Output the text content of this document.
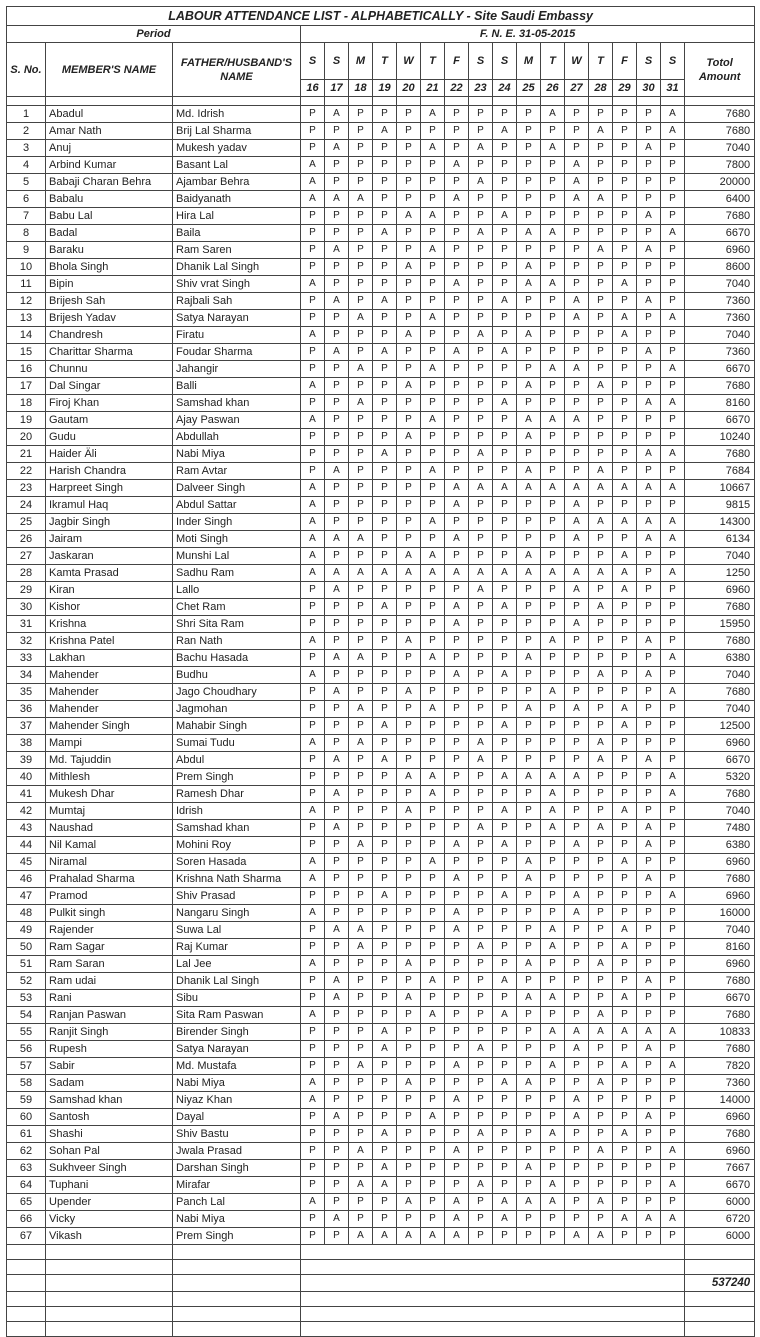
LABOUR ATTENDANCE LIST - ALPHABETICALLY - Site Saudi Embassy																			
Period			F. N. E. 31-05-2015																
S. No.	MEMBER'S NAME	FATHER/HUSBAND'S NAME	S	S	M	T	W	T	F	S	S	M	T	W	T	F	S	S	Totol Amount
			16	17	18	19	20	21	22	23	24	25	26	27	28	29	30	31	

1	Abadul	Md. Idrish	P	A	P	P	P	A	P	P	P	P	A	P	P	P	P	A	7680
2	Amar Nath	Brij Lal Sharma	P	P	P	A	P	P	P	P	A	P	P	P	A	P	P	A	7680
3	Anuj	Mukesh yadav	P	A	P	P	P	A	P	A	P	P	A	P	P	P	A	P	7040
4	Arbind Kumar	Basant Lal	A	P	P	P	P	P	A	P	P	P	P	A	P	P	P	P	7800
5	Babaji Charan Behra	Ajambar Behra	A	P	P	P	P	P	P	A	P	P	P	A	P	P	P	P	20000
6	Babalu	Baidyanath	A	A	A	P	P	P	A	P	P	P	P	A	A	P	P	P	6400
7	Babu Lal	Hira Lal	P	P	P	P	A	A	P	P	A	P	P	P	P	P	A	P	7680
8	Badal	Baila	P	P	P	A	P	P	P	A	P	A	A	P	P	P	P	A	6670
9	Baraku	Ram Saren	P	A	P	P	P	A	P	P	P	P	P	P	A	P	A	P	6960
10	Bhola Singh	Dhanik Lal Singh	P	P	P	P	A	P	P	P	P	A	P	P	P	P	P	P	8600
11	Bipin	Shiv vrat Singh	A	P	P	P	P	P	A	P	P	A	A	P	P	A	P	P	7040
12	Brijesh Sah	Rajbali Sah	P	A	P	A	P	P	P	P	A	P	P	A	P	P	A	P	7360
13	Brijesh Yadav	Satya Narayan	P	P	A	P	P	A	P	P	P	P	P	A	P	A	P	A	7360
14	Chandresh	Firatu	A	P	P	P	A	P	P	A	P	A	P	P	P	A	P	P	7040
15	Charittar Sharma	Foudar Sharma	P	A	P	A	P	P	A	P	A	P	P	P	P	P	A	P	7360
16	Chunnu	Jahangir	P	P	A	P	P	A	P	P	P	P	A	A	P	P	P	A	6670
17	Dal Singar	Balli	A	P	P	P	A	P	P	P	P	A	P	P	A	P	P	P	7680
18	Firoj Khan	Samshad khan	P	P	A	P	P	P	P	P	A	P	P	P	P	P	A	A	8160
19	Gautam	Ajay Paswan	A	P	P	P	P	A	P	P	P	A	A	A	P	P	P	P	6670
20	Gudu	Abdullah	P	P	P	P	A	P	P	P	P	A	P	P	P	P	P	P	10240
21	Haider Äli	Nabi Miya	P	P	P	A	P	P	P	A	P	P	P	P	P	P	A	A	7680
22	Harish Chandra	Ram Avtar	P	A	P	P	P	A	P	P	P	A	P	P	A	P	P	P	7684
23	Harpreet Singh	Dalveer Singh	A	P	P	P	P	P	A	A	A	A	A	A	A	A	A	A	10667
24	Ikramul Haq	Abdul Sattar	A	P	P	P	P	P	A	P	P	P	P	A	P	P	P	P	9815
25	Jagbir Singh	Inder Singh	A	P	P	P	P	A	P	P	P	P	P	A	A	A	A	A	14300
26	Jairam	Moti Singh	A	A	A	P	P	P	A	P	P	P	P	A	P	P	A	A	6134
27	Jaskaran	Munshi Lal	A	P	P	P	A	A	P	P	P	A	P	P	P	A	P	P	7040
28	Kamta Prasad	Sadhu Ram	A	A	A	A	A	A	A	A	A	A	A	A	A	A	P	A	1250
29	Kiran	Lallo	P	A	P	P	P	P	P	A	P	P	P	A	P	A	P	P	6960
30	Kishor	Chet Ram	P	P	P	A	P	P	A	P	A	P	P	P	A	P	P	P	7680
31	Krishna	Shri Sita Ram	P	P	P	P	P	P	A	P	P	P	P	A	P	P	P	P	15950
32	Krishna Patel	Ran Nath	A	P	P	P	A	P	P	P	P	P	A	P	P	P	A	P	7680
33	Lakhan	Bachu Hasada	P	A	A	P	P	A	P	P	P	A	P	P	P	P	P	A	6380
34	Mahender	Budhu	A	P	P	P	P	P	A	P	A	P	P	P	A	P	A	P	7040
35	Mahender	Jago Choudhary	P	A	P	P	A	P	P	P	P	P	A	P	P	P	P	A	7680
36	Mahender	Jagmohan	P	P	A	P	P	A	P	P	P	A	P	A	P	A	P	P	7040
37	Mahender Singh	Mahabir Singh	P	P	P	A	P	P	P	P	A	P	P	P	P	A	P	P	12500
38	Mampi	Sumai Tudu	A	P	A	P	P	P	P	A	P	P	P	P	A	P	P	P	6960
39	Md. Tajuddin	Abdul	P	A	P	A	P	P	P	A	P	P	P	P	A	P	A	P	6670
40	Mithlesh	Prem Singh	P	P	P	P	A	A	P	P	A	A	A	A	P	P	P	A	5320
41	Mukesh Dhar	Ramesh Dhar	P	A	P	P	P	A	P	P	P	P	A	P	P	P	P	A	7680
42	Mumtaj	Idrish	A	P	P	P	A	P	P	P	A	P	A	P	P	A	P	P	7040
43	Naushad	Samshad khan	P	A	P	P	P	P	P	A	P	P	A	P	A	P	A	P	7480
44	Nil Kamal	Mohini Roy	P	P	A	P	P	P	A	P	A	P	P	A	P	P	A	P	6380
45	Niramal	Soren Hasada	A	P	P	P	P	A	P	P	P	A	P	P	P	A	P	P	6960
46	Prahalad Sharma	Krishna Nath Sharma	A	P	P	P	P	P	A	P	P	A	P	P	P	P	A	P	7680
47	Pramod	Shiv Prasad	P	P	P	A	P	P	P	P	A	P	P	A	P	P	P	A	6960
48	Pulkit singh	Nangaru Singh	A	P	P	P	P	P	A	P	P	P	P	A	P	P	P	P	16000
49	Rajender	Suwa Lal	P	A	A	P	P	P	A	P	P	P	A	P	P	A	P	P	7040
50	Ram Sagar	Raj Kumar	P	P	A	P	P	P	P	A	P	P	A	P	P	A	P	P	8160
51	Ram Saran	Lal Jee	A	P	P	P	A	P	P	P	P	A	P	P	A	P	P	P	6960
52	Ram udai	Dhanik Lal Singh	P	A	P	P	P	A	P	P	A	P	P	P	P	P	A	P	7680
53	Rani	Sibu	P	A	P	P	A	P	P	P	P	A	A	P	P	A	P	P	6670
54	Ranjan Paswan	Sita Ram Paswan	A	P	P	P	P	A	P	P	A	P	P	P	A	P	P	P	7680
55	Ranjit Singh	Birender Singh	P	P	P	A	P	P	P	P	P	P	A	A	A	A	A	A	10833
56	Rupesh	Satya Narayan	P	P	P	A	P	P	P	A	P	P	P	A	P	P	A	P	7680
57	Sabir	Md. Mustafa	P	P	A	P	P	P	A	P	P	P	A	P	P	A	P	A	7820
58	Sadam	Nabi Miya	A	P	P	P	A	P	P	P	A	A	P	P	A	P	P	P	7360
59	Samshad khan	Niyaz Khan	A	P	P	P	P	P	A	P	P	P	P	A	P	P	P	P	14000
60	Santosh	Dayal	P	A	P	P	P	A	P	P	P	P	P	A	P	P	A	P	6960
61	Shashi	Shiv Bastu	P	P	P	A	P	P	P	A	P	P	A	P	P	A	P	P	7680
62	Sohan Pal	Jwala Prasad	P	P	A	P	P	P	A	P	P	P	P	P	A	P	P	A	6960
63	Sukhveer Singh	Darshan Singh	P	P	P	A	P	P	P	P	P	A	P	P	P	P	P	P	7667
64	Tuphani	Mirafar	P	P	A	A	P	P	P	A	P	P	A	P	P	P	P	A	6670
65	Upender	Panch Lal	A	P	P	P	A	P	A	P	A	A	A	P	A	P	P	P	6000
66	Vicky	Nabi Miya	P	A	P	P	P	P	A	P	A	P	P	P	P	A	A	A	6720
67	Vikash	Prem Singh	P	P	A	A	A	A	A	P	P	P	P	A	A	P	P	P	6000

																			537240
